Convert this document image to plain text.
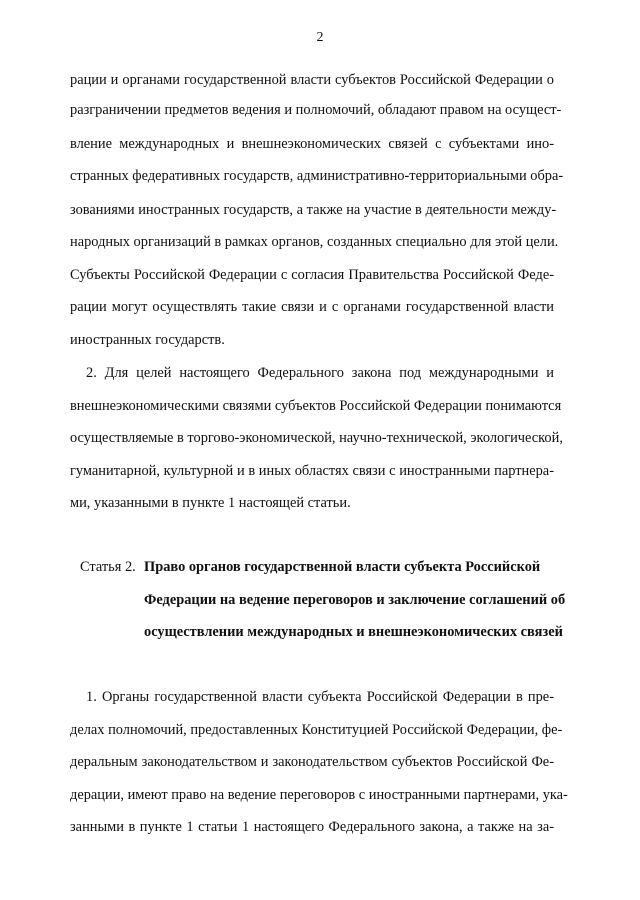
2

рации и органами государственной власти субъектов Российской Федерации о

разграничении предметов ведения и полномочий, обладают правом на осущест-

вление международных и внешнеэкономических связей с субъектами ино-

странных федеративных государств, административно-территориальными обра-

зованиями иностранных государств, а также на участие в деятельности между-

народных организаций в рамках органов, созданных специально для этой цели.

Субъекты Российской Федерации с согласия Правительства Российской Феде-

рации могут осуществлять такие связи и с органами государственной власти

иностранных государств.

2. Для целей настоящего Федерального закона под международными и

внешнеэкономическими связями субъектов Российской Федерации понимаются

осуществляемые в торгово-экономической, научно-технической, экологической,

гуманитарной, культурной и в иных областях связи с иностранными партнера-

ми, указанными в пункте 1 настоящей статьи.

Статья 2. Право органов государственной власти субъекта Российской
Федерации на ведение переговоров и заключение соглашений об
осуществлении международных и внешнеэкономических связей

1. Органы государственной власти субъекта Российской Федерации в пре-

делах полномочий, предоставленных Конституцией Российской Федерации, фе-

деральным законодательством и законодательством субъектов Российской Фе-

дерации, имеют право на ведение переговоров с иностранными партнерами, ука-

занными в пункте 1 статьи 1 настоящего Федерального закона, а также на за-
